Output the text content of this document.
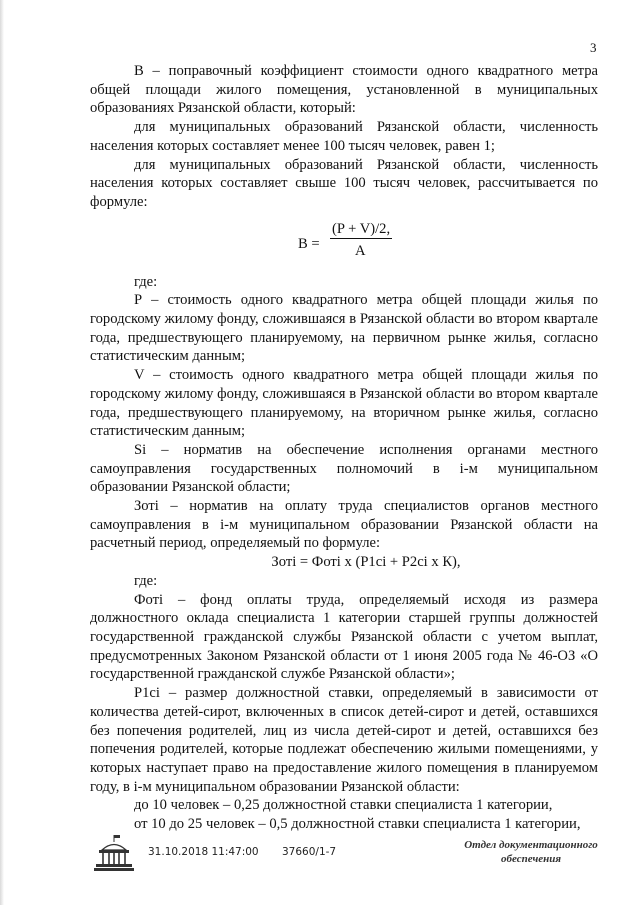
3

В – поправочный коэффициент стоимости одного квадратного метра общей площади жилого помещения, установленной в муниципальных образованиях Рязанской области, который:

для муниципальных образований Рязанской области, численность населения которых составляет менее 100 тысяч человек, равен 1;

для муниципальных образований Рязанской области, численность населения которых составляет свыше 100 тысяч человек, рассчитывается по формуле:

В =
(P + V)/2,
А

где:

Р – стоимость одного квадратного метра общей площади жилья по городскому жилому фонду, сложившаяся в Рязанской области во втором квартале года, предшествующего планируемому, на первичном рынке жилья, согласно статистическим данным;

V – стоимость одного квадратного метра общей площади жилья по городскому жилому фонду, сложившаяся в Рязанской области во втором квартале года, предшествующего планируемому, на вторичном рынке жилья, согласно статистическим данным;

Si – норматив на обеспечение исполнения органами местного самоуправления государственных полномочий в i-м муниципальном образовании Рязанской области;

Зоті – норматив на оплату труда специалистов органов местного самоуправления в i-м муниципальном образовании Рязанской области на расчетный период, определяемый по формуле:

Зоті = Фоті x (Р1сі + Р2сі x К),

где:

Фоті – фонд оплаты труда, определяемый исходя из размера должностного оклада специалиста 1 категории старшей группы должностей государственной гражданской службы Рязанской области с учетом выплат, предусмотренных Законом Рязанской области от 1 июня 2005 года № 46-ОЗ «О государственной гражданской службе Рязанской области»;

Р1сі – размер должностной ставки, определяемый в зависимости от количества детей-сирот, включенных в список детей-сирот и детей, оставшихся без попечения родителей, лиц из числа детей-сирот и детей, оставшихся без попечения родителей, которые подлежат обеспечению жилыми помещениями, у которых наступает право на предоставление жилого помещения в планируемом году, в i-м муниципальном образовании Рязанской области:

до 10 человек – 0,25 должностной ставки специалиста 1 категории,

от 10 до 25 человек – 0,5 должностной ставки специалиста 1 категории,

31.10.2018 11:47:00 37660/1-7
Отдел документационного
обеспечения
